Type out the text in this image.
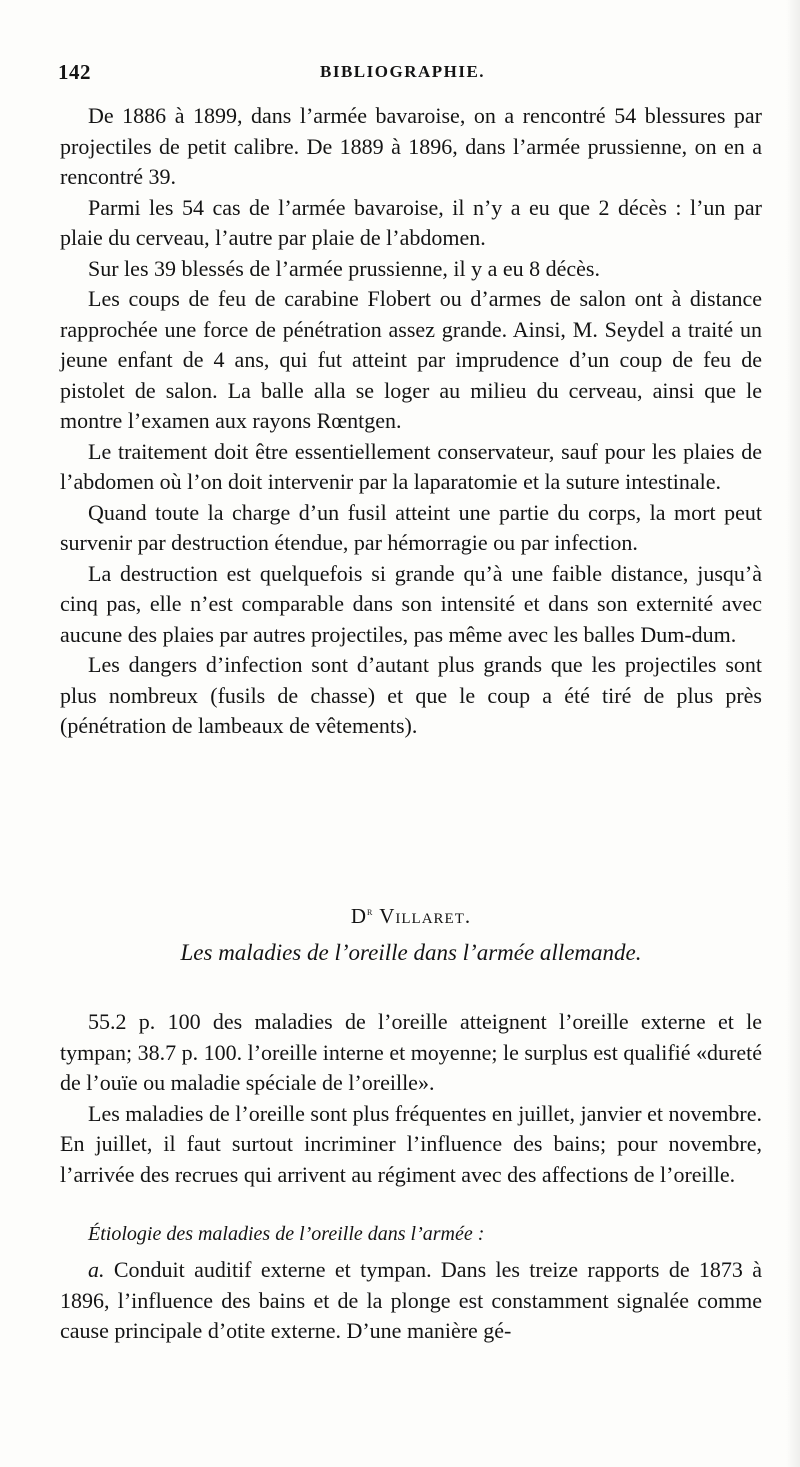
142	BIBLIOGRAPHIE.

De 1886 à 1899, dans l’armée bavaroise, on a rencontré 54 blessures par projectiles de petit calibre. De 1889 à 1896, dans l’armée prussienne, on en a rencontré 39.

Parmi les 54 cas de l’armée bavaroise, il n’y a eu que 2 décès : l’un par plaie du cerveau, l’autre par plaie de l’abdomen.

Sur les 39 blessés de l’armée prussienne, il y a eu 8 décès.

Les coups de feu de carabine Flobert ou d’armes de salon ont à distance rapprochée une force de pénétration assez grande. Ainsi, M. Seydel a traité un jeune enfant de 4 ans, qui fut atteint par imprudence d’un coup de feu de pistolet de salon. La balle alla se loger au milieu du cerveau, ainsi que le montre l’examen aux rayons Rœntgen.

Le traitement doit être essentiellement conservateur, sauf pour les plaies de l’abdomen où l’on doit intervenir par la laparatomie et la suture intestinale.

Quand toute la charge d’un fusil atteint une partie du corps, la mort peut survenir par destruction étendue, par hémorragie ou par infection.

La destruction est quelquefois si grande qu’à une faible distance, jusqu’à cinq pas, elle n’est comparable dans son intensité et dans son externité avec aucune des plaies par autres projectiles, pas même avec les balles Dum-dum.

Les dangers d’infection sont d’autant plus grands que les projectiles sont plus nombreux (fusils de chasse) et que le coup a été tiré de plus près (pénétration de lambeaux de vêtements).

$D^r$ Villaret.

Les maladies de l’oreille dans l’armée allemande.

55.2 p. 100 des maladies de l’oreille atteignent l’oreille externe et le tympan; 38.7 p. 100. l’oreille interne et moyenne; le surplus est qualifié «dureté de l’ouïe ou maladie spéciale de l’oreille».

Les maladies de l’oreille sont plus fréquentes en juillet, janvier et novembre. En juillet, il faut surtout incriminer l’influence des bains; pour novembre, l’arrivée des recrues qui arrivent au régiment avec des affections de l’oreille.

Étiologie des maladies de l’oreille dans l’armée :

a. Conduit auditif externe et tympan. Dans les treize rapports de 1873 à 1896, l’influence des bains et de la plonge est constamment signalée comme cause principale d’otite externe. D’une manière gé-
